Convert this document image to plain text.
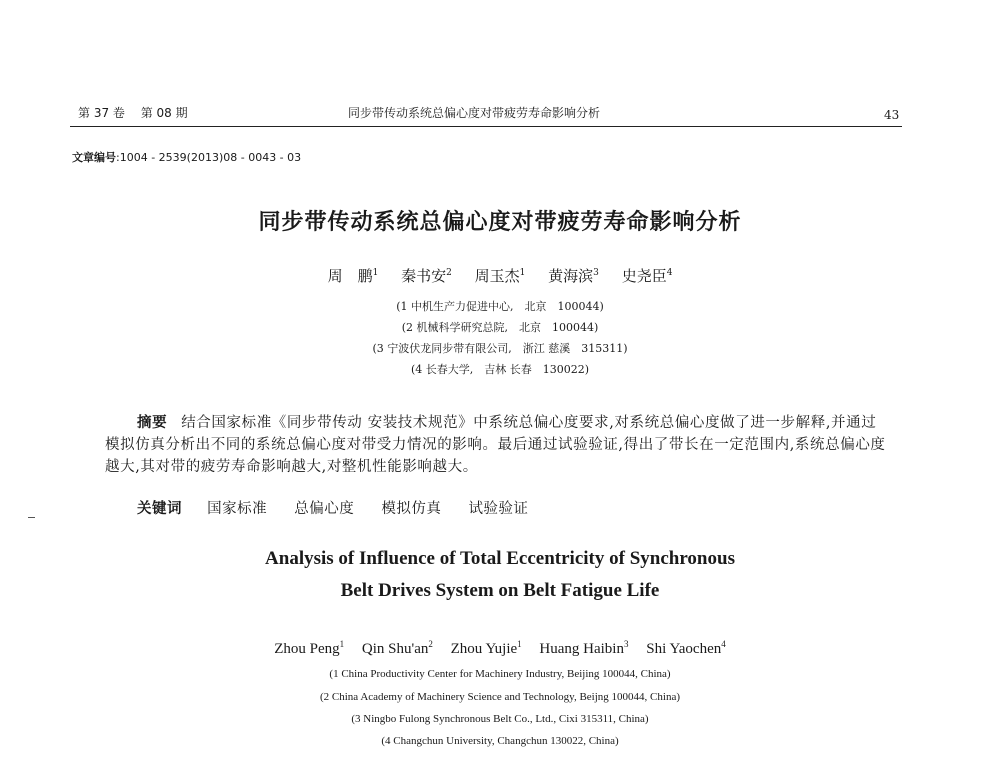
第 37 卷 第 08 期	同步带传动系统总偏心度对带疲劳寿命影响分析	43
文章编号:1004 - 2539(2013)08 - 0043 - 03
同步带传动系统总偏心度对带疲劳寿命影响分析
周　鹏$^1$ 秦书安$^2$ 周玉杰$^1$ 黄海滨$^3$ 史尧臣$^4$
(1 中机生产力促进中心,　北京　100044)
(2 机械科学研究总院,　北京　100044)
(3 宁波伏龙同步带有限公司,　浙江 慈溪　315311)
(4 长春大学,　吉林 长春　130022)
摘要 结合国家标准《同步带传动 安装技术规范》中系统总偏心度要求,对系统总偏心度做了进一步解释,并通过模拟仿真分析出不同的系统总偏心度对带受力情况的影响。最后通过试验验证,得出了带长在一定范围内,系统总偏心度越大,其对带的疲劳寿命影响越大,对整机性能影响越大。
关键词 国家标准 总偏心度 模拟仿真 试验验证
Analysis of Influence of Total Eccentricity of Synchronous
Belt Drives System on Belt Fatigue Life
Zhou Peng$^1$ Qin $Shu'an^2$ Zhou Yujie$^1$ Huang Haibin$^3$ Shi Yaochen$^4$
(1 China Productivity Center for Machinery Industry, Beijing 100044, China)
(2 China Academy of Machinery Science and Technology, Beijng 100044, China)
(3 Ningbo Fulong Synchronous Belt Co., Ltd., Cixi 315311, China)
(4 Changchun University, Changchun 130022, China)
